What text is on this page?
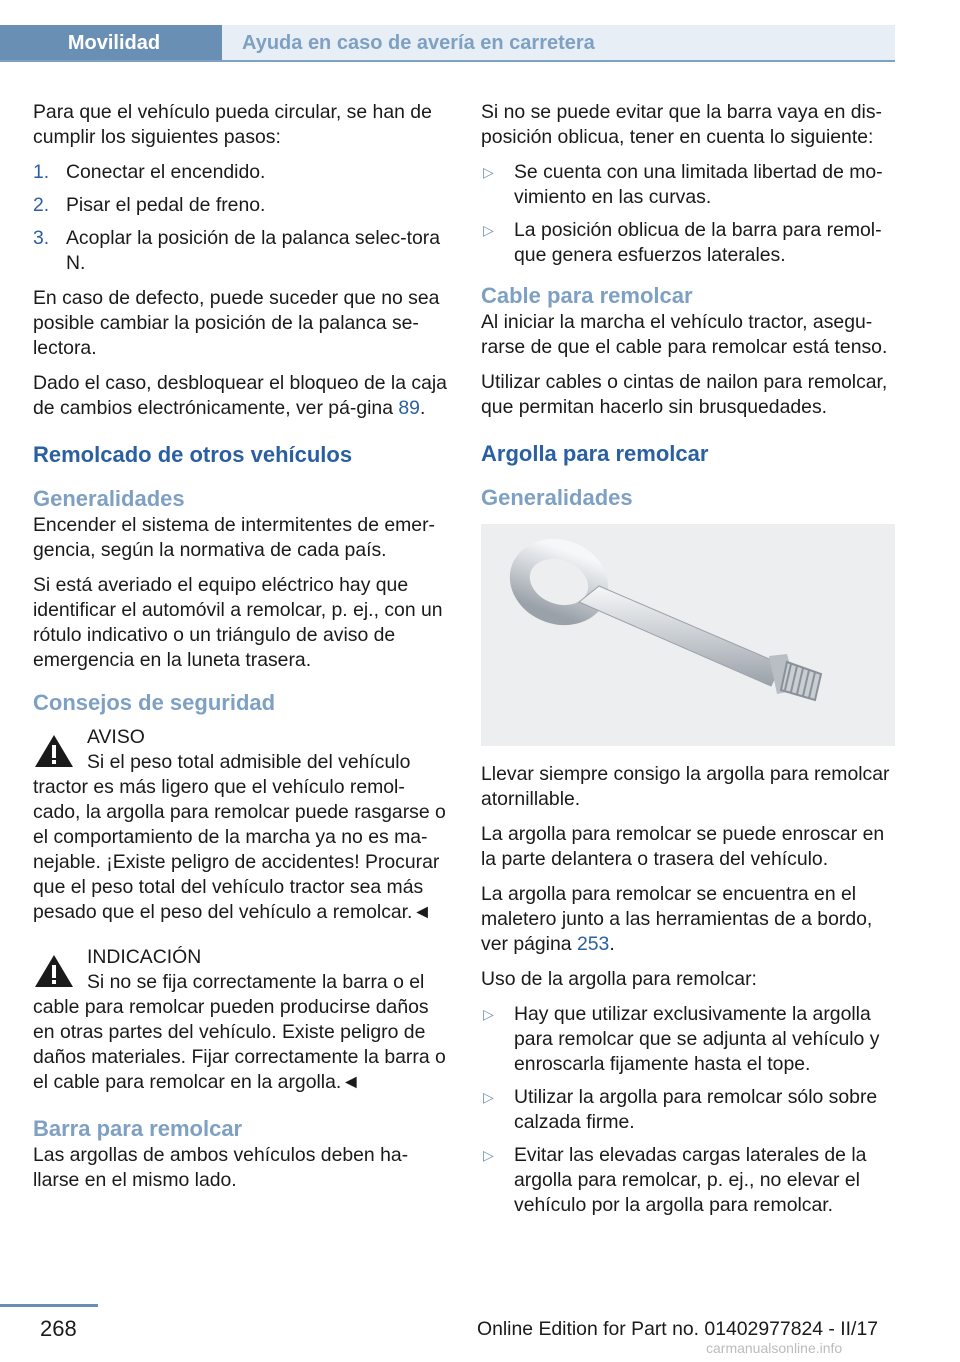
Movilidad	Ayuda en caso de avería en carretera

Para que el vehículo pueda circular, se han de cumplir los siguientes pasos:

1. Conectar el encendido.
2. Pisar el pedal de freno.
3. Acoplar la posición de la palanca selec-tora N.

En caso de defecto, puede suceder que no sea posible cambiar la posición de la palanca se-lectora.

Dado el caso, desbloquear el bloqueo de la caja de cambios electrónicamente, ver pá-gina 89.

Remolcado de otros vehículos
Generalidades

Encender el sistema de intermitentes de emer-gencia, según la normativa de cada país.

Si está averiado el equipo eléctrico hay que identificar el automóvil a remolcar, p. ej., con un rótulo indicativo o un triángulo de aviso de emergencia en la luneta trasera.

Consejos de seguridad
AVISO
Si el peso total admisible del vehículo tractor es más ligero que el vehículo remol-cado, la argolla para remolcar puede rasgarse o el comportamiento de la marcha ya no es ma-nejable. ¡Existe peligro de accidentes! Procurar que el peso total del vehículo tractor sea más pesado que el peso del vehículo a remolcar.◄
INDICACIÓN
Si no se fija correctamente la barra o el cable para remolcar pueden producirse daños en otras partes del vehículo. Existe peligro de daños materiales. Fijar correctamente la barra o el cable para remolcar en la argolla.◄
Barra para remolcar

Las argollas de ambos vehículos deben ha-llarse en el mismo lado.

Si no se puede evitar que la barra vaya en dis-posición oblicua, tener en cuenta lo siguiente:

▷ Se cuenta con una limitada libertad de mo-vimiento en las curvas.
▷ La posición oblicua de la barra para remol-que genera esfuerzos laterales.
Cable para remolcar

Al iniciar la marcha el vehículo tractor, asegu-rarse de que el cable para remolcar está tenso.

Utilizar cables o cintas de nailon para remolcar, que permitan hacerlo sin brusquedades.

Argolla para remolcar
Generalidades

Llevar siempre consigo la argolla para remolcar atornillable.

La argolla para remolcar se puede enroscar en la parte delantera o trasera del vehículo.

La argolla para remolcar se encuentra en el maletero junto a las herramientas de a bordo, ver página 253.

Uso de la argolla para remolcar:

▷ Hay que utilizar exclusivamente la argolla para remolcar que se adjunta al vehículo y enroscarla fijamente hasta el tope.
▷ Utilizar la argolla para remolcar sólo sobre calzada firme.
▷ Evitar las elevadas cargas laterales de la argolla para remolcar, p. ej., no elevar el vehículo por la argolla para remolcar.
268	Online Edition for Part no. 01402977824 - II/17
carmanualsonline.info
